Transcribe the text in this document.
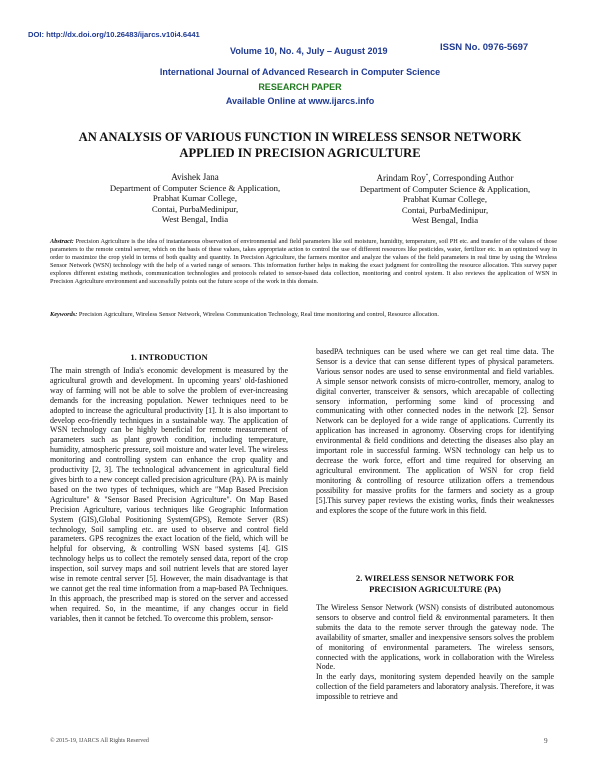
DOI: http://dx.doi.org/10.26483/ijarcs.v10i4.6441
Volume 10, No. 4, July – August 2019	ISSN No. 0976-5697
International Journal of Advanced Research in Computer Science
RESEARCH PAPER
Available Online at www.ijarcs.info
AN ANALYSIS OF VARIOUS FUNCTION IN WIRELESS SENSOR NETWORK
APPLIED IN PRECISION AGRICULTURE

Avishek Jana

Department of Computer Science & Application,

Prabhat Kumar College,

Contai, PurbaMedinipur,

West Bengal, India

Arindam Roy*, Corresponding Author

Department of Computer Science & Application,

Prabhat Kumar College,

Contai, PurbaMedinipur,

West Bengal, India

Abstract: Precision Agriculture is the idea of instantaneous observation of environmental and field parameters like soil moisture, humidity, temperature, soil PH etc. and transfer of the values of those parameters to the remote central server, which on the basis of these values, takes appropriate action to control the use of different resources like pesticides, water, fertilizer etc. in an optimized way in order to maximize the crop yield in terms of both quality and quantity. In Precision Agriculture, the farmers monitor and analyze the values of the field parameters in real time by using the Wireless Sensor Network (WSN) technology with the help of a varied range of sensors. This information further helps in making the exact judgment for controlling the resource allocation. This survey paper explores different existing methods, communication technologies and protocols related to sensor-based data collection, monitoring and control system. It also reviews the application of WSN in Precision Agriculture environment and successfully points out the future scope of the work in this domain.
Keywords: Precision Agriculture, Wireless Sensor Network, Wireless Communication Technology, Real time monitoring and control, Resource allocation.
1. INTRODUCTION

The main strength of India's economic development is measured by the agricultural growth and development. In upcoming years' old-fashioned way of farming will not be able to solve the problem of ever-increasing demands for the increasing population. Newer techniques need to be adopted to increase the agricultural productivity [1]. It is also important to develop eco-friendly techniques in a sustainable way. The application of WSN technology can be highly beneficial for remote measurement of parameters such as plant growth condition, including temperature, humidity, atmospheric pressure, soil moisture and water level. The wireless monitoring and controlling system can enhance the crop quality and productivity [2, 3]. The technological advancement in agricultural field gives birth to a new concept called precision agriculture (PA). PA is mainly based on the two types of techniques, which are "Map Based Precision Agriculture" & "Sensor Based Precision Agriculture". On Map Based Precision Agriculture, various techniques like Geographic Information System (GIS),Global Positioning System(GPS), Remote Server (RS) technology, Soil sampling etc. are used to observe and control field parameters. GPS recognizes the exact location of the field, which will be helpful for observing, & controlling WSN based systems [4]. GIS technology helps us to collect the remotely sensed data, report of the crop inspection, soil survey maps and soil nutrient levels that are stored layer wise in remote central server [5]. However, the main disadvantage is that we cannot get the real time information from a map-based PA Techniques. In this approach, the prescribed map is stored on the server and accessed when required. So, in the meantime, if any changes occur in field variables, then it cannot be fetched. To overcome this problem, sensor-

basedPA techniques can be used where we can get real time data. The Sensor is a device that can sense different types of physical parameters. Various sensor nodes are used to sense environmental and field variables. A simple sensor network consists of micro-controller, memory, analog to digital converter, transceiver & sensors, which arecapable of collecting sensory information, performing some kind of processing and communicating with other connected nodes in the network [2]. Sensor Network can be deployed for a wide range of applications. Currently its application has increased in agronomy. Observing crops for identifying environmental & field conditions and detecting the diseases also play an important role in successful farming. WSN technology can help us to decrease the work force, effort and time required for observing an agricultural environment. The application of WSN for crop field monitoring & controlling of resource utilization offers a tremendous possibility for massive profits for the farmers and society as a group [5].This survey paper reviews the existing works, finds their weaknesses and explores the scope of the future work in this field.

2. WIRELESS SENSOR NETWORK FOR
PRECISION AGRICULTURE (PA)

The Wireless Sensor Network (WSN) consists of distributed autonomous sensors to observe and control field & environmental parameters. It then submits the data to the remote server through the gateway node. The availability of smarter, smaller and inexpensive sensors solves the problem of monitoring of environmental parameters. The wireless sensors, connected with the applications, work in collaboration with the Wireless Node.

In the early days, monitoring system depended heavily on the sample collection of the field parameters and laboratory analysis. Therefore, it was impossible to retrieve and

© 2015-19, IJARCS All Rights Reserved	9
